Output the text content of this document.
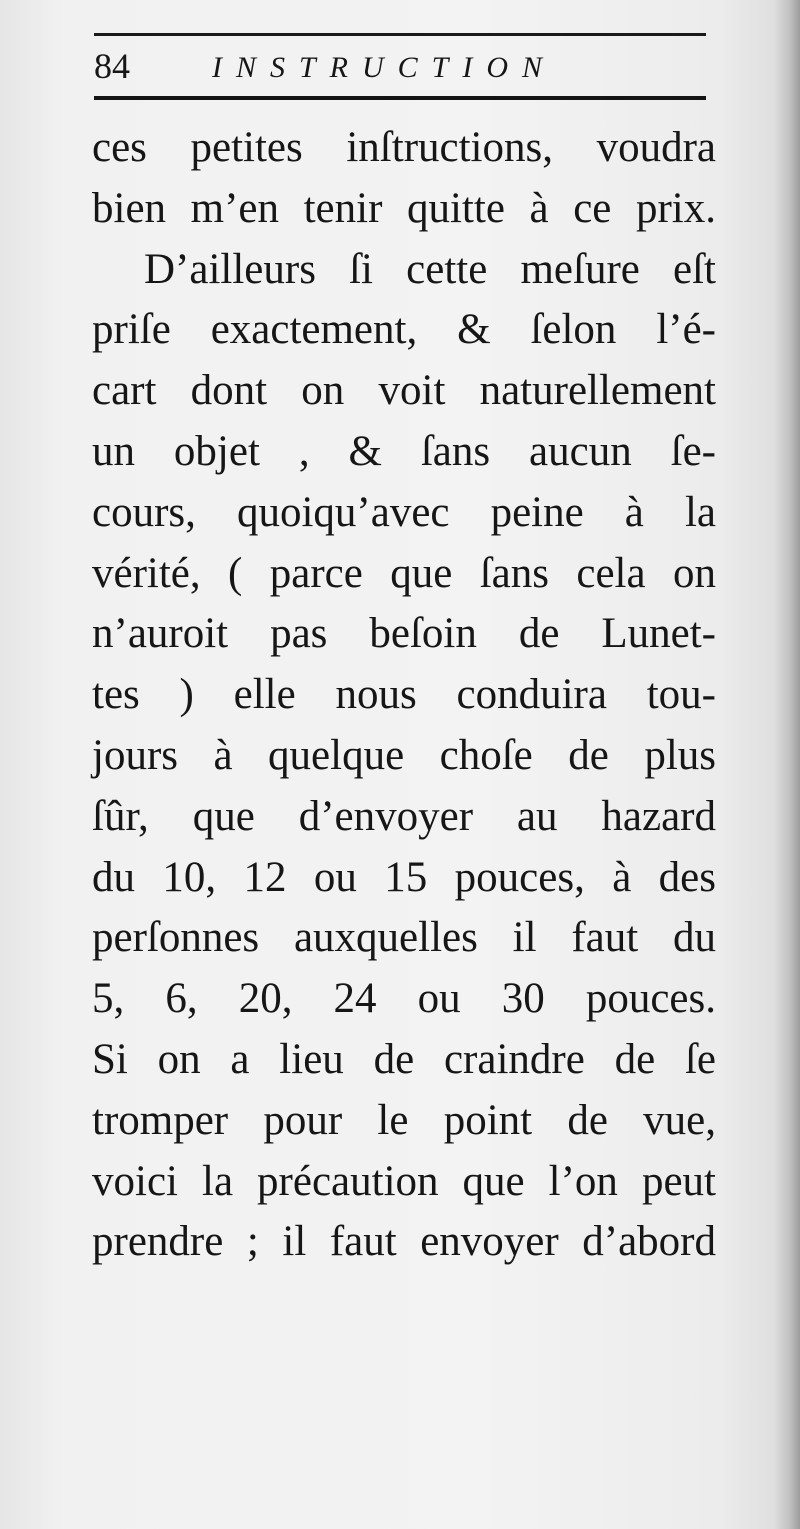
84	INSTRUCTION
ces petites inſtructions, voudra
bien m’en tenir quitte à ce prix.
D’ailleurs ſi cette meſure eſt
priſe exactement, & ſelon l’é-
cart dont on voit naturellement
un objet , & ſans aucun ſe-
cours, quoiqu’avec peine à la
vérité, ( parce que ſans cela on
n’auroit pas beſoin de Lunet-
tes ) elle nous conduira tou-
jours à quelque choſe de plus
ſûr, que d’envoyer au hazard
du 10, 12 ou 15 pouces, à des
perſonnes auxquelles il faut du
5, 6, 20, 24 ou 30 pouces.
Si on a lieu de craindre de ſe
tromper pour le point de vue,
voici la précaution que l’on peut
prendre ; il faut envoyer d’abord
